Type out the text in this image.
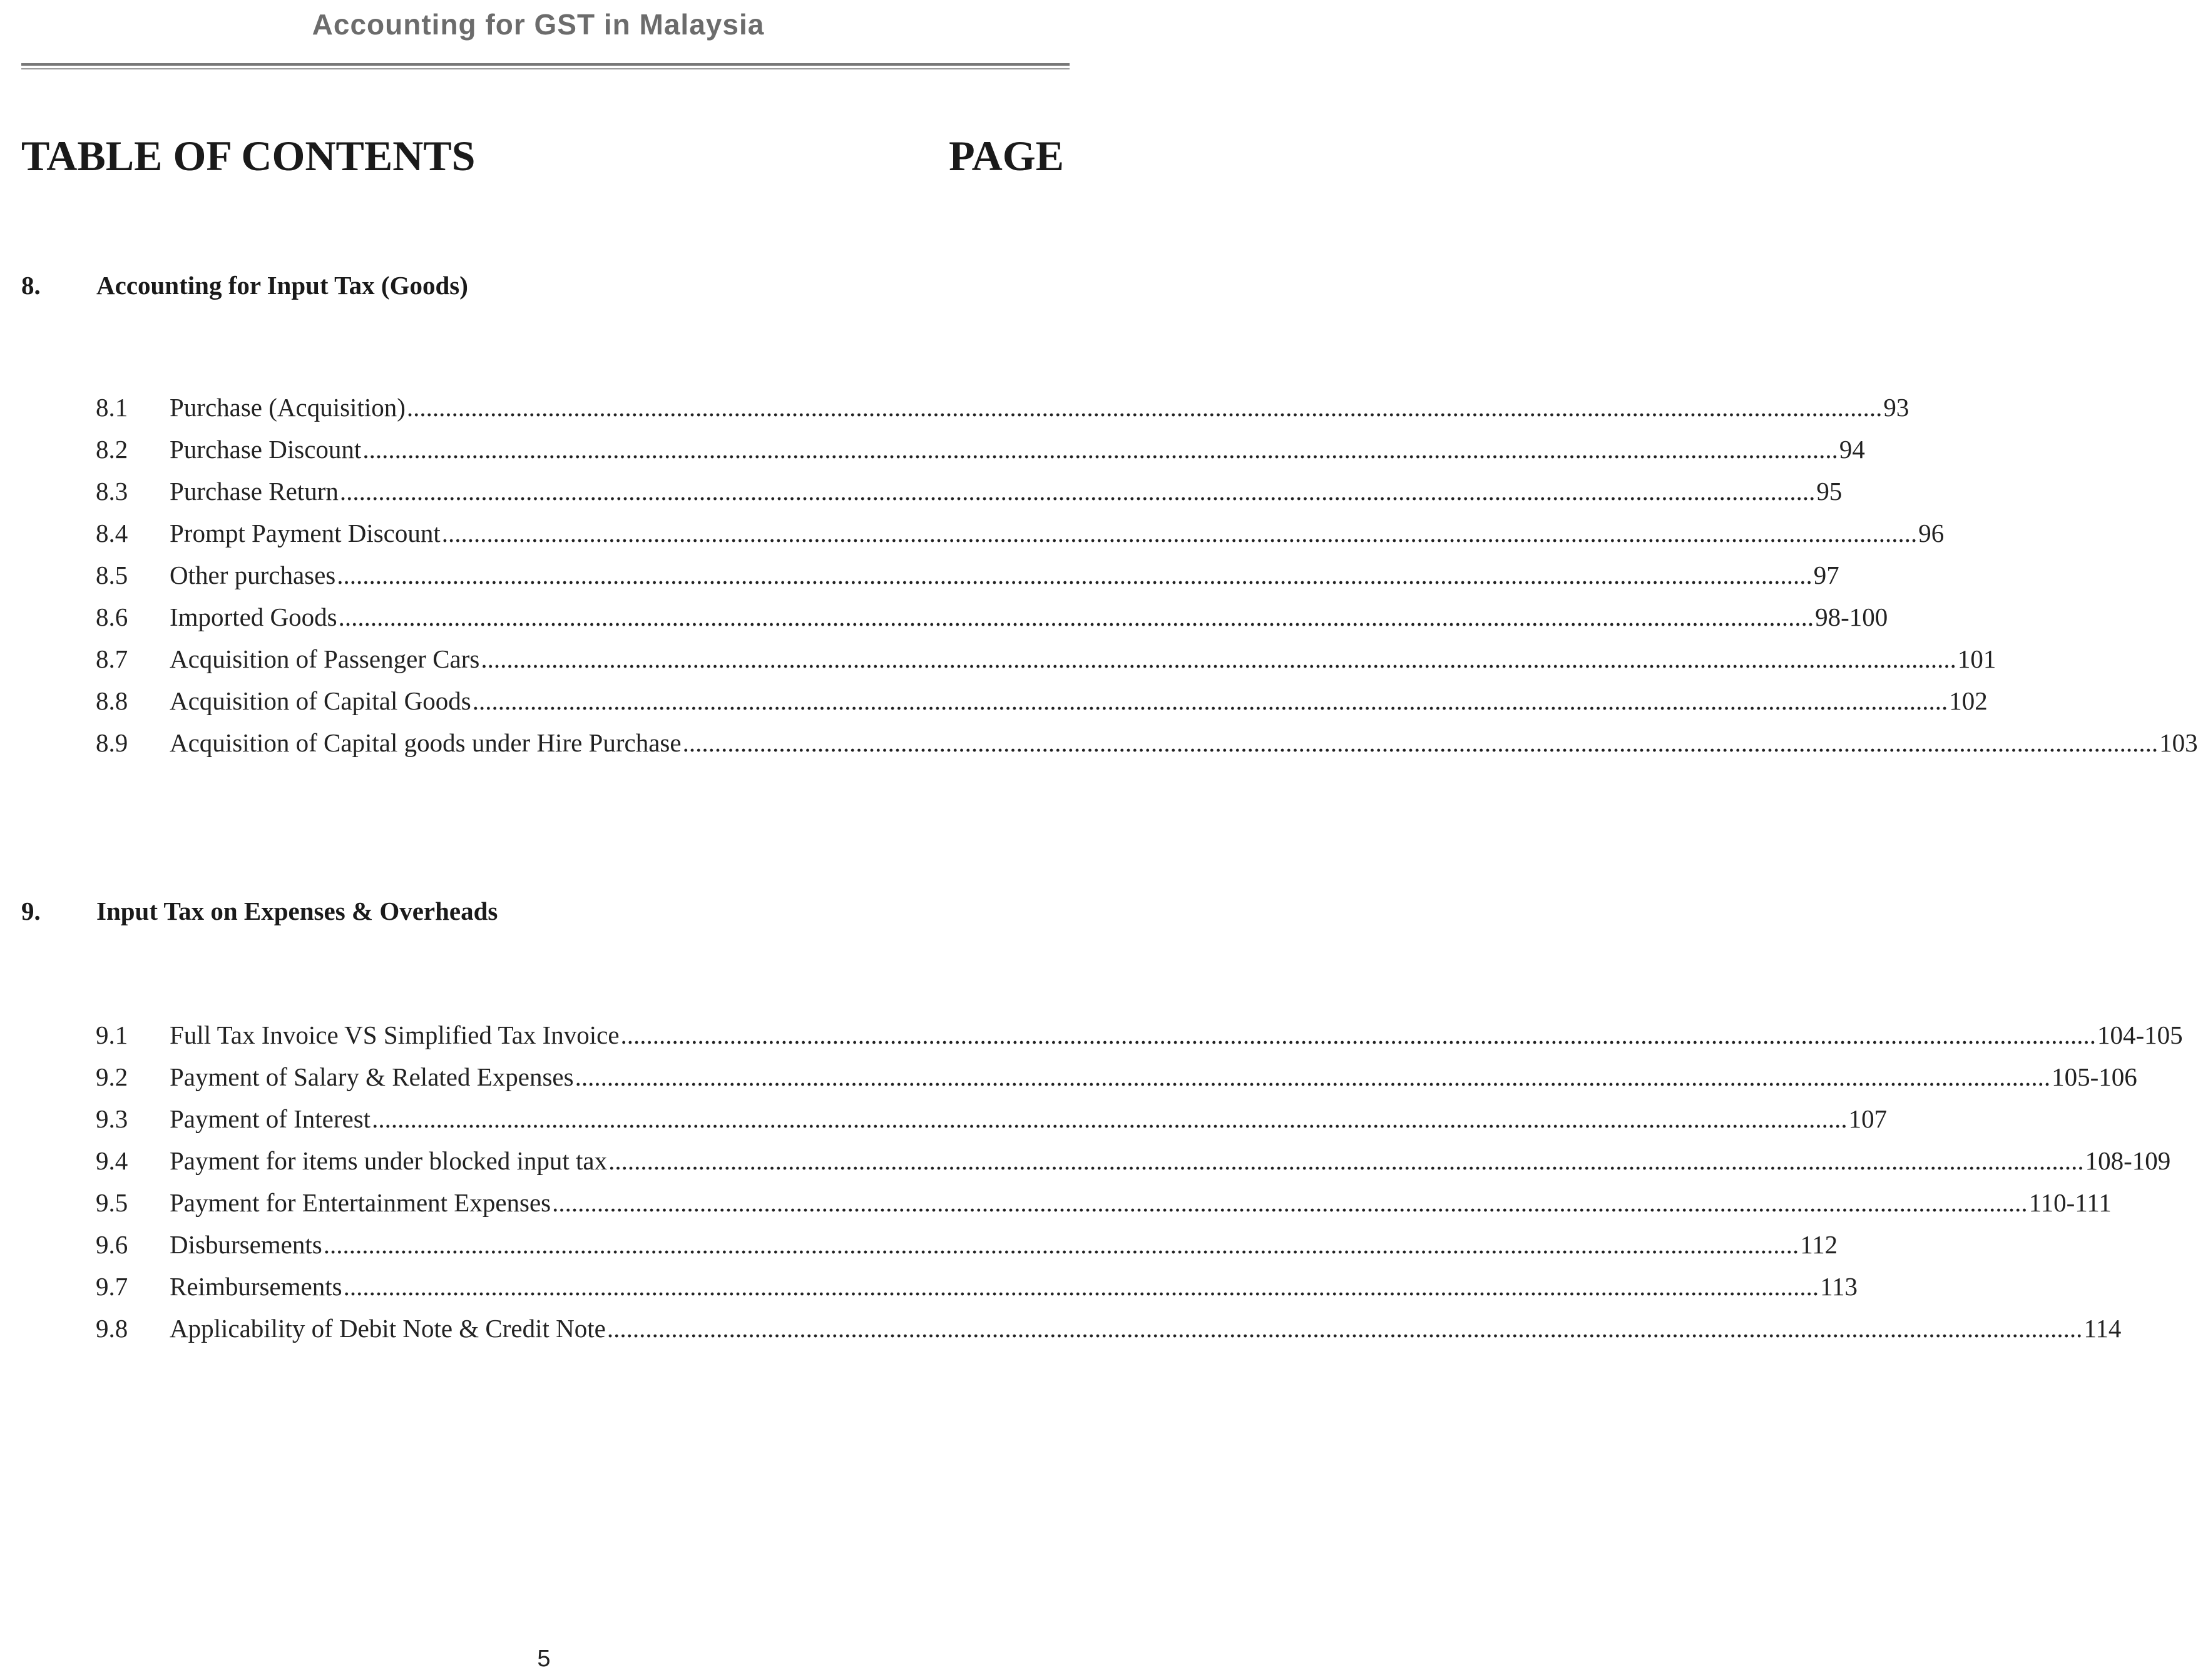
Accounting for GST in Malaysia
TABLE OF CONTENTS	PAGE
8. Accounting for Input Tax (Goods)
8.1	Purchase (Acquisition) .....	93
8.2	Purchase Discount .....	94
8.3	Purchase Return .....	95
8.4	Prompt Payment Discount .....	96
8.5	Other purchases .....	97
8.6	Imported Goods .....	98-100
8.7	Acquisition of Passenger Cars .....	101
8.8	Acquisition of Capital Goods .....	102
8.9	Acquisition of Capital goods under Hire Purchase .....	103
9. Input Tax on Expenses & Overheads
9.1	Full Tax Invoice VS Simplified Tax Invoice .....	104-105
9.2	Payment of Salary & Related Expenses .....	105-106
9.3	Payment of Interest .....	107
9.4	Payment for items under blocked input tax .....	108-109
9.5	Payment for Entertainment Expenses .....	110-111
9.6	Disbursements .....	112
9.7	Reimbursements .....	113
9.8	Applicability of Debit Note & Credit Note .....	114
5
